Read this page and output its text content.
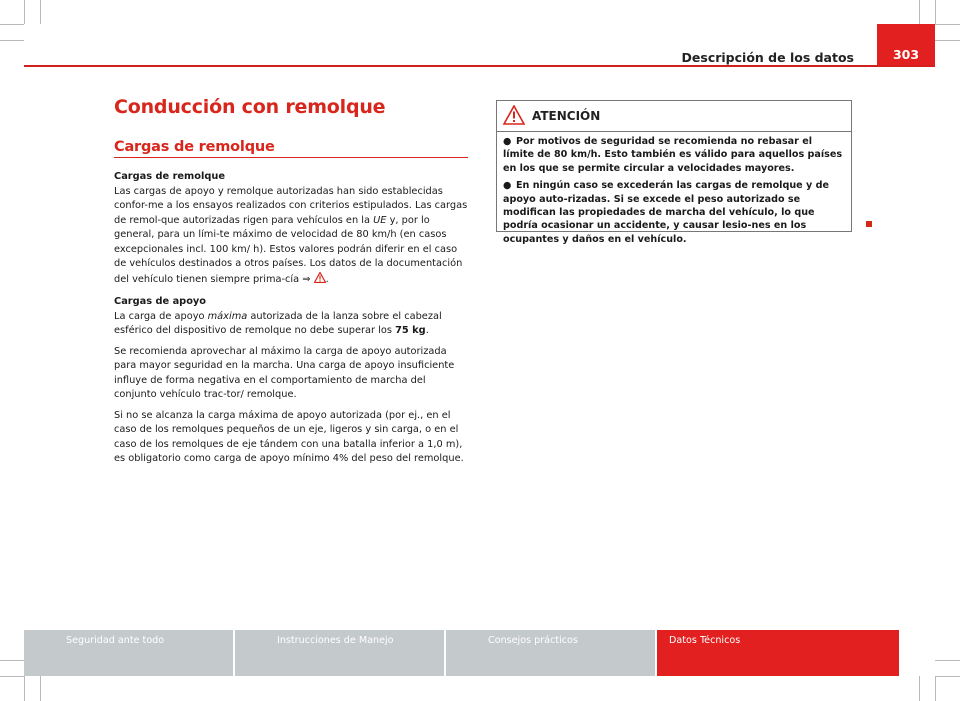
Descripción de los datos	303
Conducción con remolque
Cargas de remolque
Cargas de remolque

Las cargas de apoyo y remolque autorizadas han sido establecidas confor-me a los ensayos realizados con criterios estipulados. Las cargas de remol-que autorizadas rigen para vehículos en la UE y, por lo general, para un lími-te máximo de velocidad de 80 km/h (en casos excepcionales incl. 100 km/ h). Estos valores podrán diferir en el caso de vehículos destinados a otros países. Los datos de la documentación del vehículo tienen siempre prima-cía ⇒ .

Cargas de apoyo

La carga de apoyo máxima autorizada de la lanza sobre el cabezal esférico del dispositivo de remolque no debe superar los 75 kg.

Se recomienda aprovechar al máximo la carga de apoyo autorizada para mayor seguridad en la marcha. Una carga de apoyo insuficiente influye de forma negativa en el comportamiento de marcha del conjunto vehículo trac-tor/ remolque.

Si no se alcanza la carga máxima de apoyo autorizada (por ej., en el caso de los remolques pequeños de un eje, ligeros y sin carga, o en el caso de los remolques de eje tándem con una batalla inferior a 1,0 m), es obligatorio como carga de apoyo mínimo 4% del peso del remolque.

ATENCIÓN
● Por motivos de seguridad se recomienda no rebasar el límite de 80 km/h. Esto también es válido para aquellos países en los que se permite circular a velocidades mayores.
● En ningún caso se excederán las cargas de remolque y de apoyo auto-rizadas. Si se excede el peso autorizado se modifican las propiedades de marcha del vehículo, lo que podría ocasionar un accidente, y causar lesio-nes en los ocupantes y daños en el vehículo.
Seguridad ante todo	Instrucciones de Manejo	Consejos prácticos	Datos Técnicos
